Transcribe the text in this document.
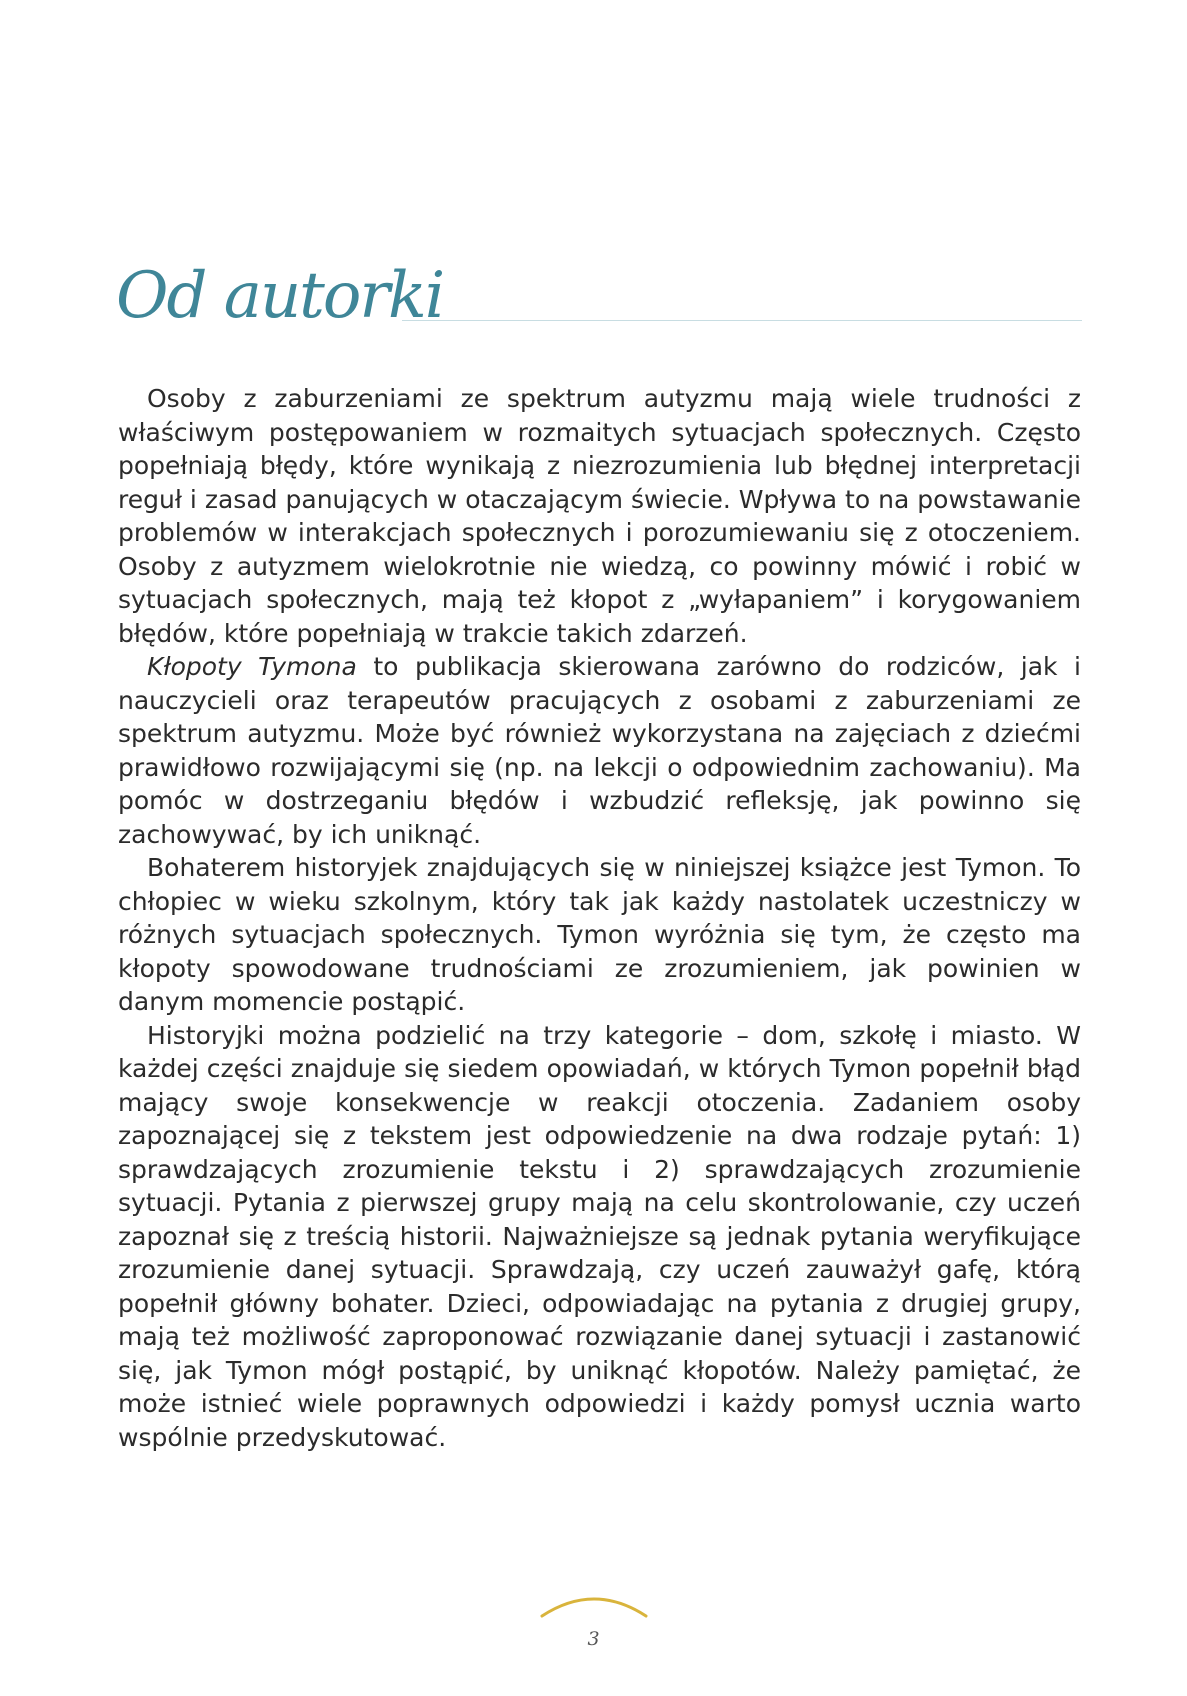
Od autorki

Osoby z zaburzeniami ze spektrum autyzmu mają wiele trudności z właściwym postępowaniem w rozmaitych sytuacjach społecznych. Często popełniają błędy, które wynikają z niezrozumienia lub błędnej interpretacji reguł i zasad panujących w otaczającym świecie. Wpływa to na powstawanie problemów w interakcjach społecznych i porozumiewaniu się z otoczeniem. Osoby z autyzmem wielokrotnie nie wiedzą, co powinny mówić i robić w sytuacjach społecznych, mają też kłopot z „wyłapaniem” i korygowaniem błędów, które popełniają w trakcie takich zdarzeń.

Kłopoty Tymona to publikacja skierowana zarówno do rodziców, jak i nauczycieli oraz terapeutów pracujących z osobami z zaburzeniami ze spektrum autyzmu. Może być również wykorzystana na zajęciach z dziećmi prawidłowo rozwijającymi się (np. na lekcji o odpowiednim zachowaniu). Ma pomóc w dostrzeganiu błędów i wzbudzić refleksję, jak powinno się zachowywać, by ich uniknąć.

Bohaterem historyjek znajdujących się w niniejszej książce jest Tymon. To chłopiec w wieku szkolnym, który tak jak każdy nastolatek uczestniczy w różnych sytuacjach społecznych. Tymon wyróżnia się tym, że często ma kłopoty spowodowane trudnościami ze zrozumieniem, jak powinien w danym momencie postąpić.

Historyjki można podzielić na trzy kategorie – dom, szkołę i miasto. W każdej części znajduje się siedem opowiadań, w których Tymon popełnił błąd mający swoje konsekwencje w reakcji otoczenia. Zadaniem osoby zapoznającej się z tekstem jest odpowiedzenie na dwa rodzaje pytań: 1) sprawdzających zrozumienie tekstu i 2) sprawdzających zrozumienie sytuacji. Pytania z pierwszej grupy mają na celu skontrolowanie, czy uczeń zapoznał się z treścią historii. Najważniejsze są jednak pytania weryfikujące zrozumienie danej sytuacji. Sprawdzają, czy uczeń zauważył gafę, którą popełnił główny bohater. Dzieci, odpowiadając na pytania z drugiej grupy, mają też możliwość zaproponować rozwiązanie danej sytuacji i zastanowić się, jak Tymon mógł postąpić, by uniknąć kłopotów. Należy pamiętać, że może istnieć wiele poprawnych odpowiedzi i każdy pomysł ucznia warto wspólnie przedyskutować.

3
